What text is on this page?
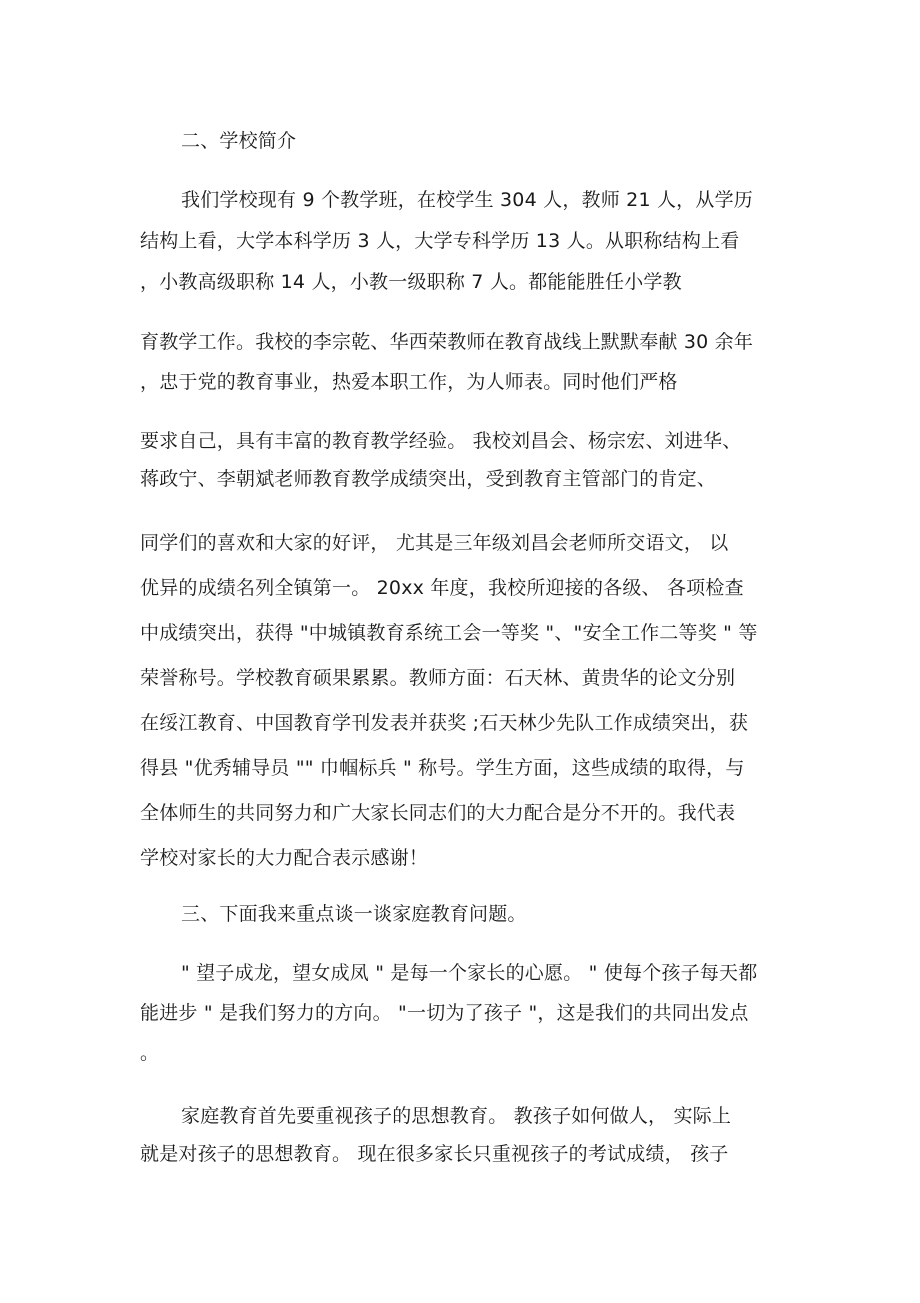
二、学校简介
我们学校现有 9 个教学班，在校学生 304 人，教师 21 人，从学历
结构上看，大学本科学历 3 人，大学专科学历 13 人。从职称结构上看
，小教高级职称 14 人，小教一级职称 7 人。都能能胜任小学教
育教学工作。我校的李宗乾、华西荣教师在教育战线上默默奉献 30 余年
，忠于党的教育事业，热爱本职工作，为人师表。同时他们严格
要求自己，具有丰富的教育教学经验。 我校刘昌会、杨宗宏、刘进华、
蒋政宁、李朝斌老师教育教学成绩突出，受到教育主管部门的肯定、
同学们的喜欢和大家的好评， 尤其是三年级刘昌会老师所交语文， 以
优异的成绩名列全镇第一。 20xx 年度，我校所迎接的各级、 各项检查
中成绩突出，获得 "中城镇教育系统工会一等奖 "、"安全工作二等奖 " 等
荣誉称号。学校教育硕果累累。教师方面：石天林、黄贵华的论文分别
在绥江教育、中国教育学刊发表并获奖 ;石天林少先队工作成绩突出，获
得县 "优秀辅导员 "" 巾帼标兵 " 称号。学生方面，这些成绩的取得，与
全体师生的共同努力和广大家长同志们的大力配合是分不开的。我代表
学校对家长的大力配合表示感谢！
三、下面我来重点谈一谈家庭教育问题。
" 望子成龙，望女成凤 " 是每一个家长的心愿。 " 使每个孩子每天都
能进步 " 是我们努力的方向。 "一切为了孩子 "，这是我们的共同出发点
。
家庭教育首先要重视孩子的思想教育。 教孩子如何做人， 实际上
就是对孩子的思想教育。 现在很多家长只重视孩子的考试成绩， 孩子
